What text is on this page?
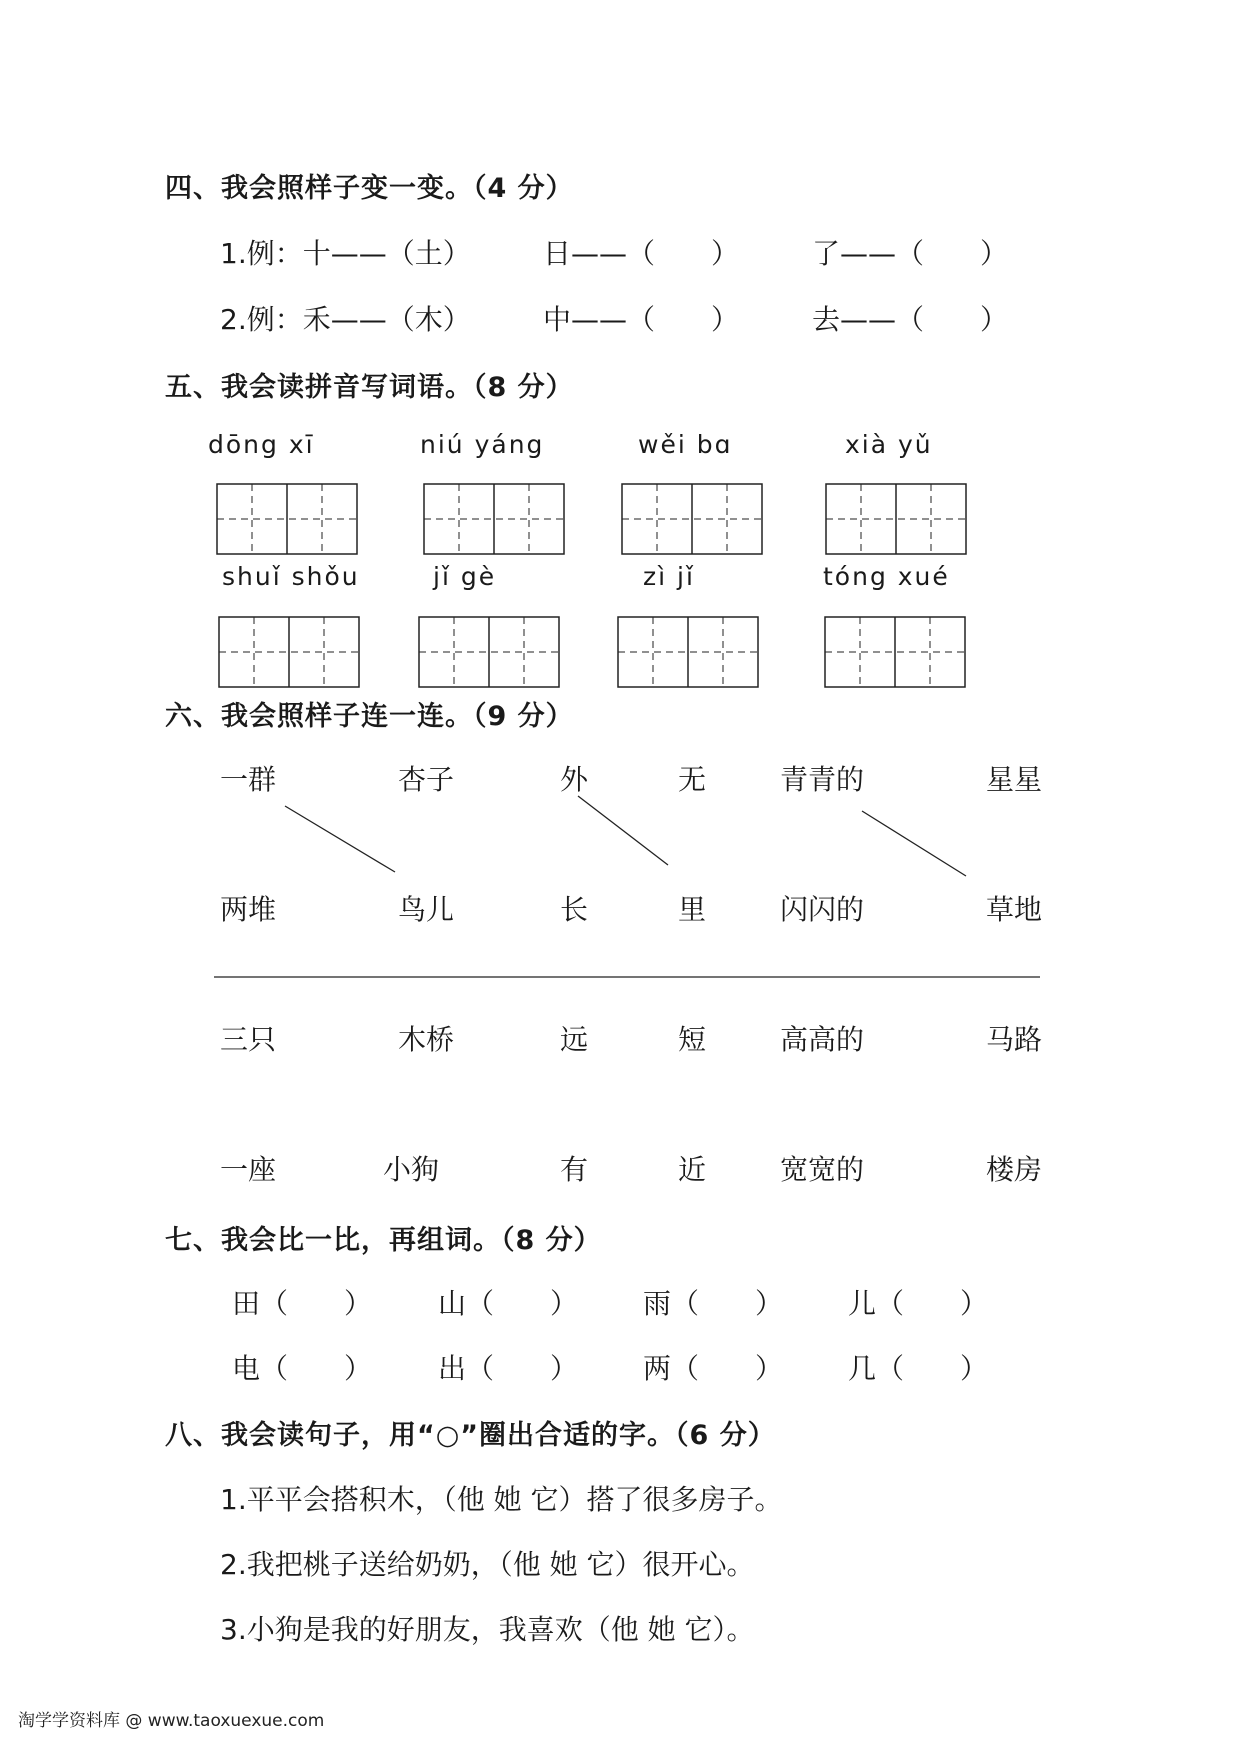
四、我会照样子变一变。（4 分）
1.例：十——（土）	日——（　　）	了——（　　）
2.例：禾——（木）	中——（　　）	去——（　　）
五、我会读拼音写词语。（8 分）
dōng xī	niú yáng	wěi bɑ	xià yǔ
shuǐ shǒu	jǐ gè	zì jǐ	tóng xué
六、我会照样子连一连。（9 分）
一群	杏子	外	无	青青的	星星
两堆	鸟儿	长	里	闪闪的	草地
三只	木桥	远	短	高高的	马路
一座	小狗	有	近	宽宽的	楼房
七、我会比一比，再组词。（8 分）
田（　　） 山（　　） 雨（　　） 儿（　　）
电（　　） 出（　　） 两（　　） 几（　　）
八、我会读句子，用“○”圈出合适的字。（6 分）
1.平平会搭积木，（他 她 它）搭了很多房子。
2.我把桃子送给奶奶，（他 她 它）很开心。
3.小狗是我的好朋友，我喜欢（他 她 它）。
淘学学资料库 @ www.taoxuexue.com
